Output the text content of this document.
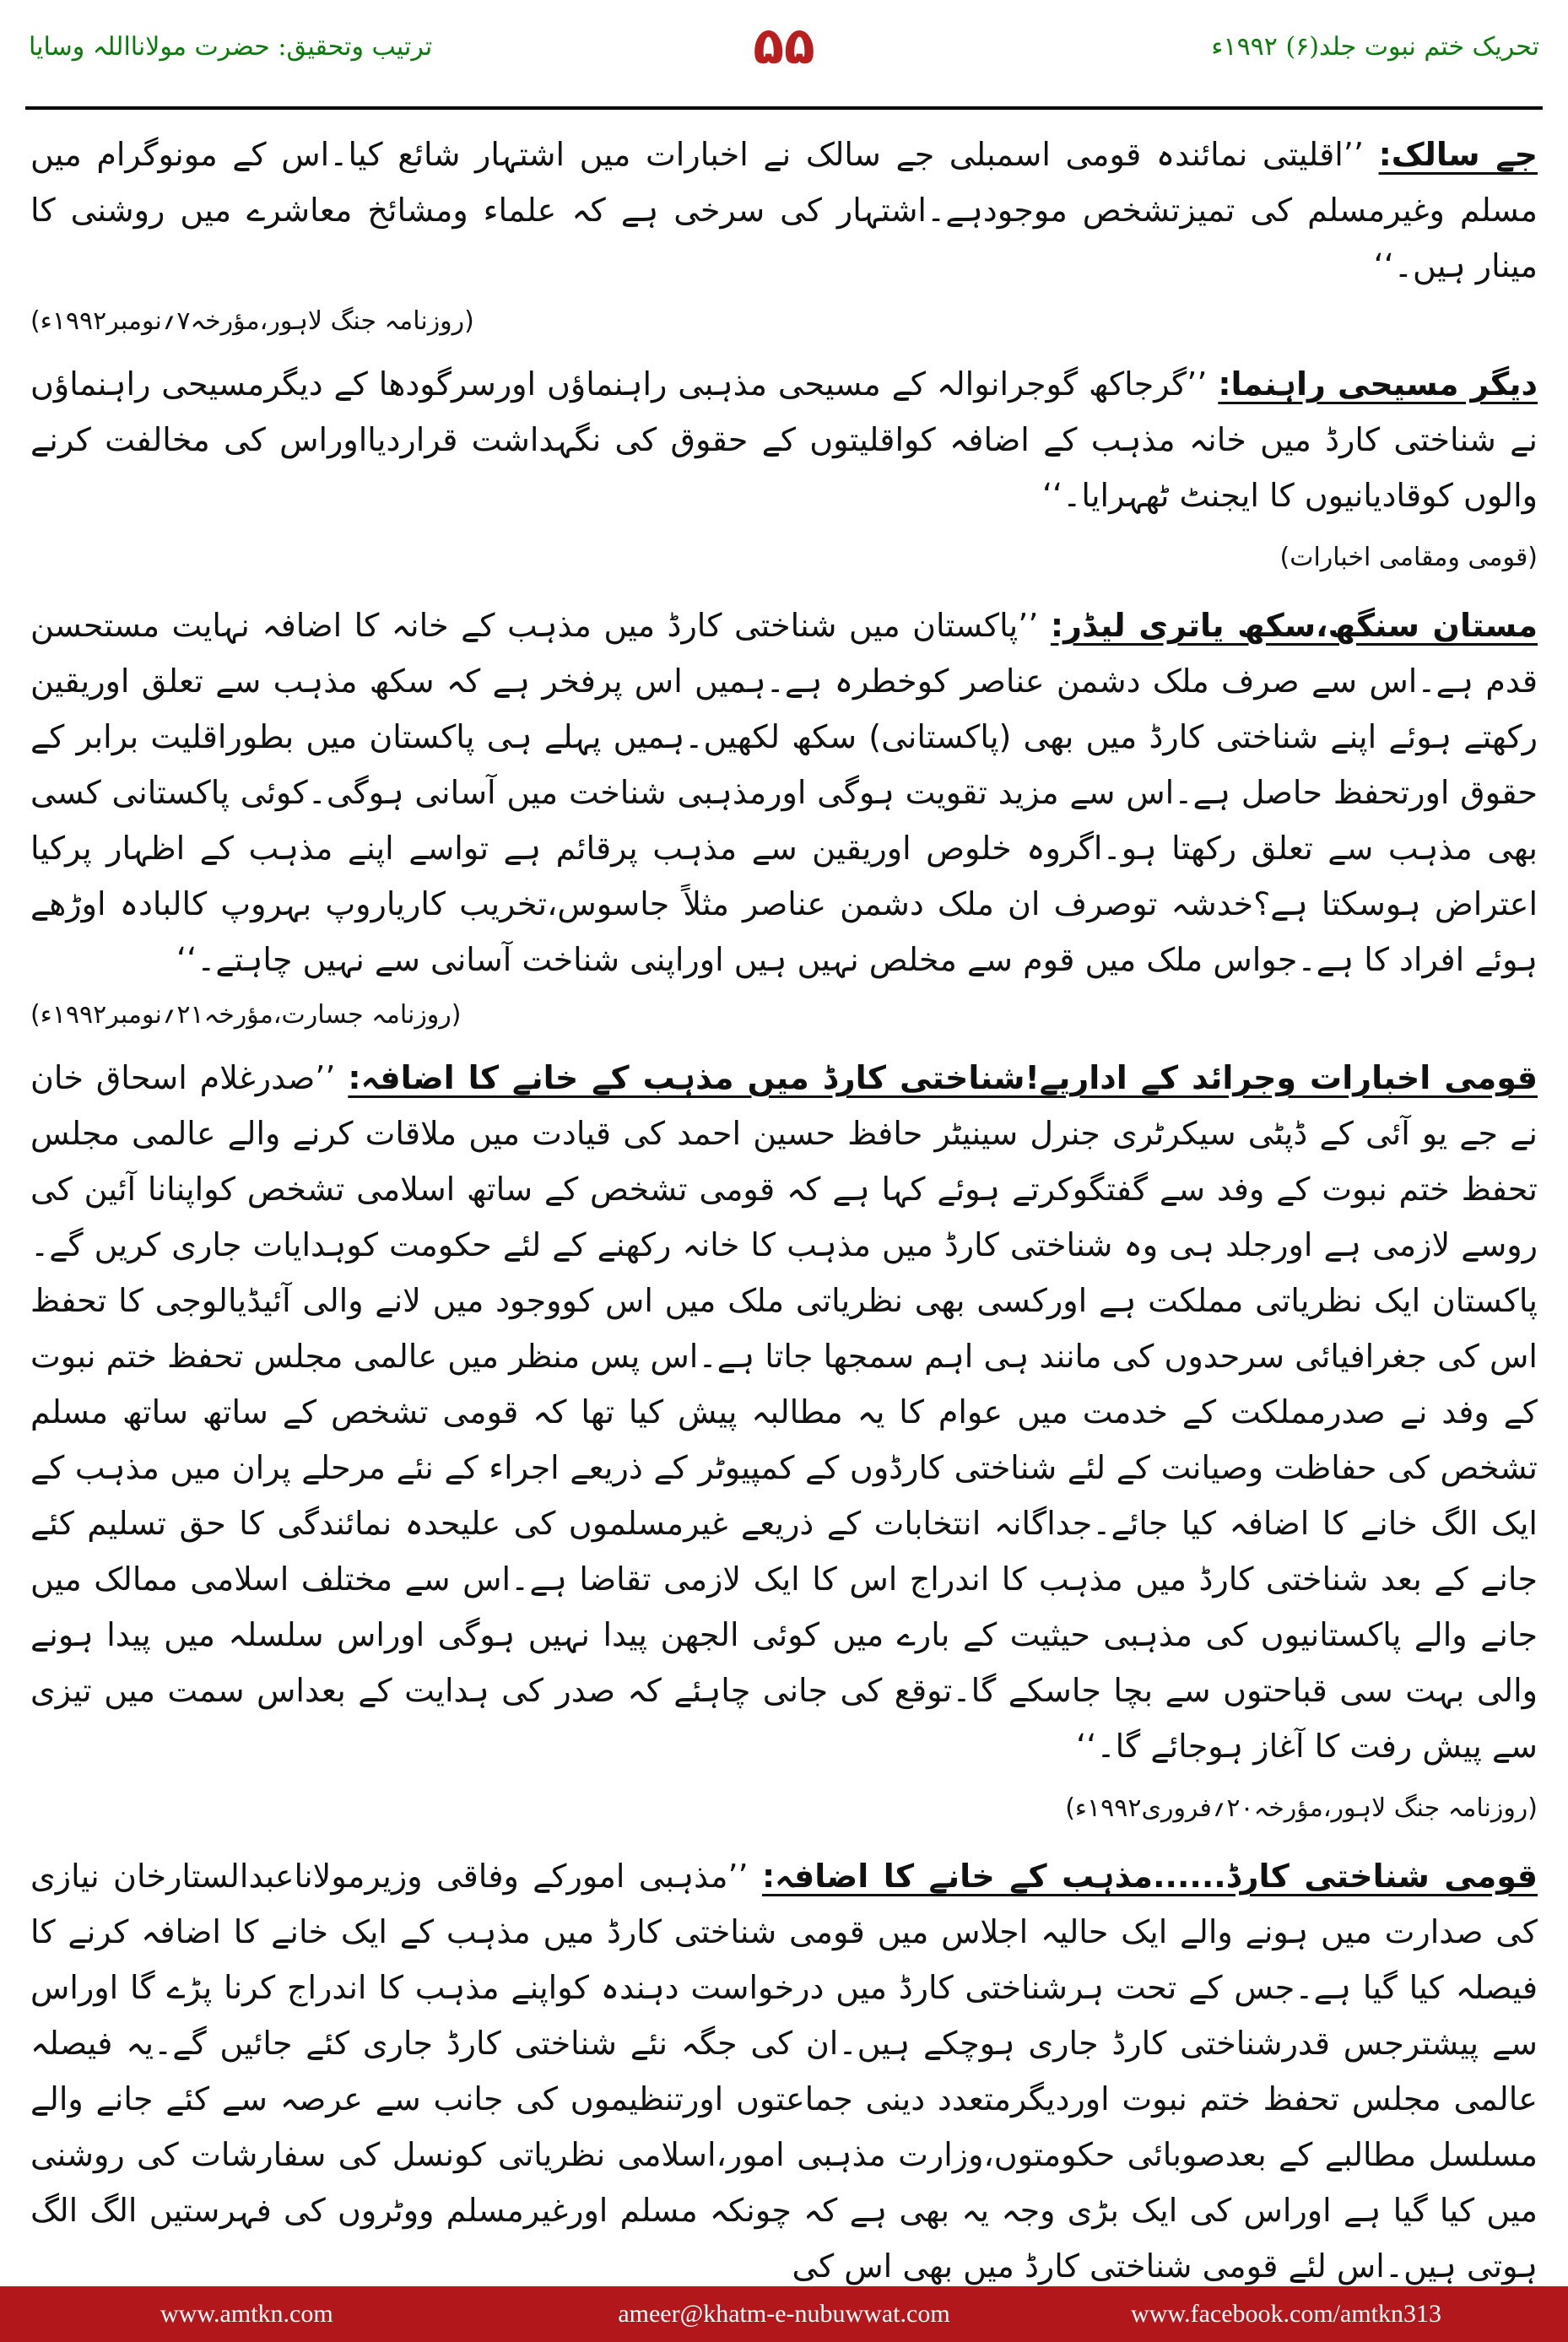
ترتیب وتحقیق: حضرت مولانااللہ وسایا	۵۵	تحریک ختم نبوت جلد(۶) ۱۹۹۲ء

جے سالک: ’’اقلیتی نمائندہ قومی اسمبلی جے سالک نے اخبارات میں اشتہار شائع کیا۔اس کے مونوگرام میں مسلم وغیرمسلم کی تمیزتشخص موجودہے۔اشتہار کی سرخی ہے کہ علماء ومشائخ معاشرے میں روشنی کا مینار ہیں۔‘‘
(روزنامہ جنگ لاہور،مؤرخہ۷؍نومبر۱۹۹۲ء)

دیگر مسیحی راہنما: ’’گرجاکھ گوجرانوالہ کے مسیحی مذہبی راہنماؤں اورسرگودھا کے دیگرمسیحی راہنماؤں نے شناختی کارڈ میں خانہ مذہب کے اضافہ کواقلیتوں کے حقوق کی نگہداشت قراردیااوراس کی مخالفت کرنے والوں کوقادیانیوں کا ایجنٹ ٹھہرایا۔‘‘

(قومی ومقامی اخبارات)

مستان سنگھ،سکھ یاتری لیڈر: ’’پاکستان میں شناختی کارڈ میں مذہب کے خانہ کا اضافہ نہایت مستحسن قدم ہے۔اس سے صرف ملک دشمن عناصر کوخطرہ ہے۔ہمیں اس پرفخر ہے کہ سکھ مذہب سے تعلق اوریقین رکھتے ہوئے اپنے شناختی کارڈ میں بھی (پاکستانی) سکھ لکھیں۔ہمیں پہلے ہی پاکستان میں بطوراقلیت برابر کے حقوق اورتحفظ حاصل ہے۔اس سے مزید تقویت ہوگی اورمذہبی شناخت میں آسانی ہوگی۔کوئی پاکستانی کسی بھی مذہب سے تعلق رکھتا ہو۔اگروہ خلوص اوریقین سے مذہب پرقائم ہے تواسے اپنے مذہب کے اظہار پرکیا اعتراض ہوسکتا ہے؟خدشہ توصرف ان ملک دشمن عناصر مثلاً جاسوس،تخریب کاریاروپ بہروپ کالبادہ اوڑھے ہوئے افراد کا ہے۔جواس ملک میں قوم سے مخلص نہیں ہیں اوراپنی شناخت آسانی سے نہیں چاہتے۔‘‘
(روزنامہ جسارت،مؤرخہ۲۱؍نومبر۱۹۹۲ء)

قومی اخبارات وجرائد کے اداریے!شناختی کارڈ میں مذہب کے خانے کا اضافہ: ’’صدرغلام اسحاق خان نے جے یو آئی کے ڈپٹی سیکرٹری جنرل سینیٹر حافظ حسین احمد کی قیادت میں ملاقات کرنے والے عالمی مجلس تحفظ ختم نبوت کے وفد سے گفتگوکرتے ہوئے کہا ہے کہ قومی تشخص کے ساتھ اسلامی تشخص کواپنانا آئین کی روسے لازمی ہے اورجلد ہی وہ شناختی کارڈ میں مذہب کا خانہ رکھنے کے لئے حکومت کوہدایات جاری کریں گے۔پاکستان ایک نظریاتی مملکت ہے اورکسی بھی نظریاتی ملک میں اس کووجود میں لانے والی آئیڈیالوجی کا تحفظ اس کی جغرافیائی سرحدوں کی مانند ہی اہم سمجھا جاتا ہے۔اس پس منظر میں عالمی مجلس تحفظ ختم نبوت کے وفد نے صدرمملکت کے خدمت میں عوام کا یہ مطالبہ پیش کیا تھا کہ قومی تشخص کے ساتھ ساتھ مسلم تشخص کی حفاظت وصیانت کے لئے شناختی کارڈوں کے کمپیوٹر کے ذریعے اجراء کے نئے مرحلے پران میں مذہب کے ایک الگ خانے کا اضافہ کیا جائے۔جداگانہ انتخابات کے ذریعے غیرمسلموں کی علیحدہ نمائندگی کا حق تسلیم کئے جانے کے بعد شناختی کارڈ میں مذہب کا اندراج اس کا ایک لازمی تقاضا ہے۔اس سے مختلف اسلامی ممالک میں جانے والے پاکستانیوں کی مذہبی حیثیت کے بارے میں کوئی الجھن پیدا نہیں ہوگی اوراس سلسلہ میں پیدا ہونے والی بہت سی قباحتوں سے بچا جاسکے گا۔توقع کی جانی چاہئے کہ صدر کی ہدایت کے بعداس سمت میں تیزی سے پیش رفت کا آغاز ہوجائے گا۔‘‘

(روزنامہ جنگ لاہور،مؤرخہ۲۰؍فروری۱۹۹۲ء)

قومی شناختی کارڈ......مذہب کے خانے کا اضافہ: ’’مذہبی امورکے وفاقی وزیرمولاناعبدالستارخان نیازی کی صدارت میں ہونے والے ایک حالیہ اجلاس میں قومی شناختی کارڈ میں مذہب کے ایک خانے کا اضافہ کرنے کا فیصلہ کیا گیا ہے۔جس کے تحت ہرشناختی کارڈ میں درخواست دہندہ کواپنے مذہب کا اندراج کرنا پڑے گا اوراس سے پیشترجس قدرشناختی کارڈ جاری ہوچکے ہیں۔ان کی جگہ نئے شناختی کارڈ جاری کئے جائیں گے۔یہ فیصلہ عالمی مجلس تحفظ ختم نبوت اوردیگرمتعدد دینی جماعتوں اورتنظیموں کی جانب سے عرصہ سے کئے جانے والے مسلسل مطالبے کے بعدصوبائی حکومتوں،وزارت مذہبی امور،اسلامی نظریاتی کونسل کی سفارشات کی روشنی میں کیا گیا ہے اوراس کی ایک بڑی وجہ یہ بھی ہے کہ چونکہ مسلم اورغیرمسلم ووٹروں کی فہرستیں الگ الگ ہوتی ہیں۔اس لئے قومی شناختی کارڈ میں بھی اس کی

www.amtkn.com	ameer@khatm-e-nubuwwat.com	www.facebook.com/amtkn313
